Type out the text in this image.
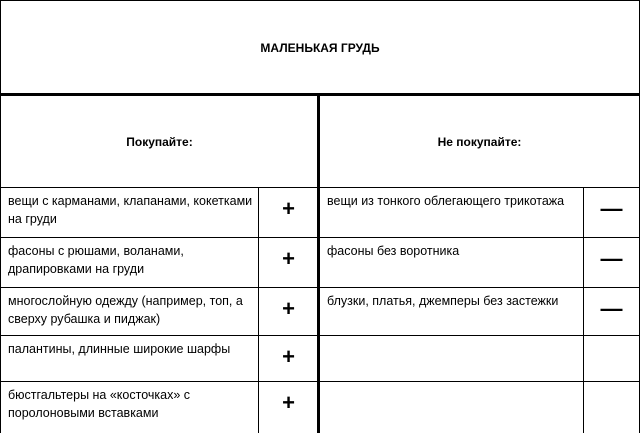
МАЛЕНЬКАЯ ГРУДЬ
Покупайте:	Не покупайте:
вещи с карманами, клапанами, кокетками на груди	+	вещи из тонкого облегающего трикотажа	—
фасоны с рюшами, воланами, драпировками на груди	+	фасоны без воротника	—
многослойную одежду (например, топ, а сверху рубашка и пиджак)	+	блузки, платья, джемперы без застежки	—
палантины, длинные широкие шарфы	+
бюстгальтеры на «косточках» с поролоновыми вставками	+
